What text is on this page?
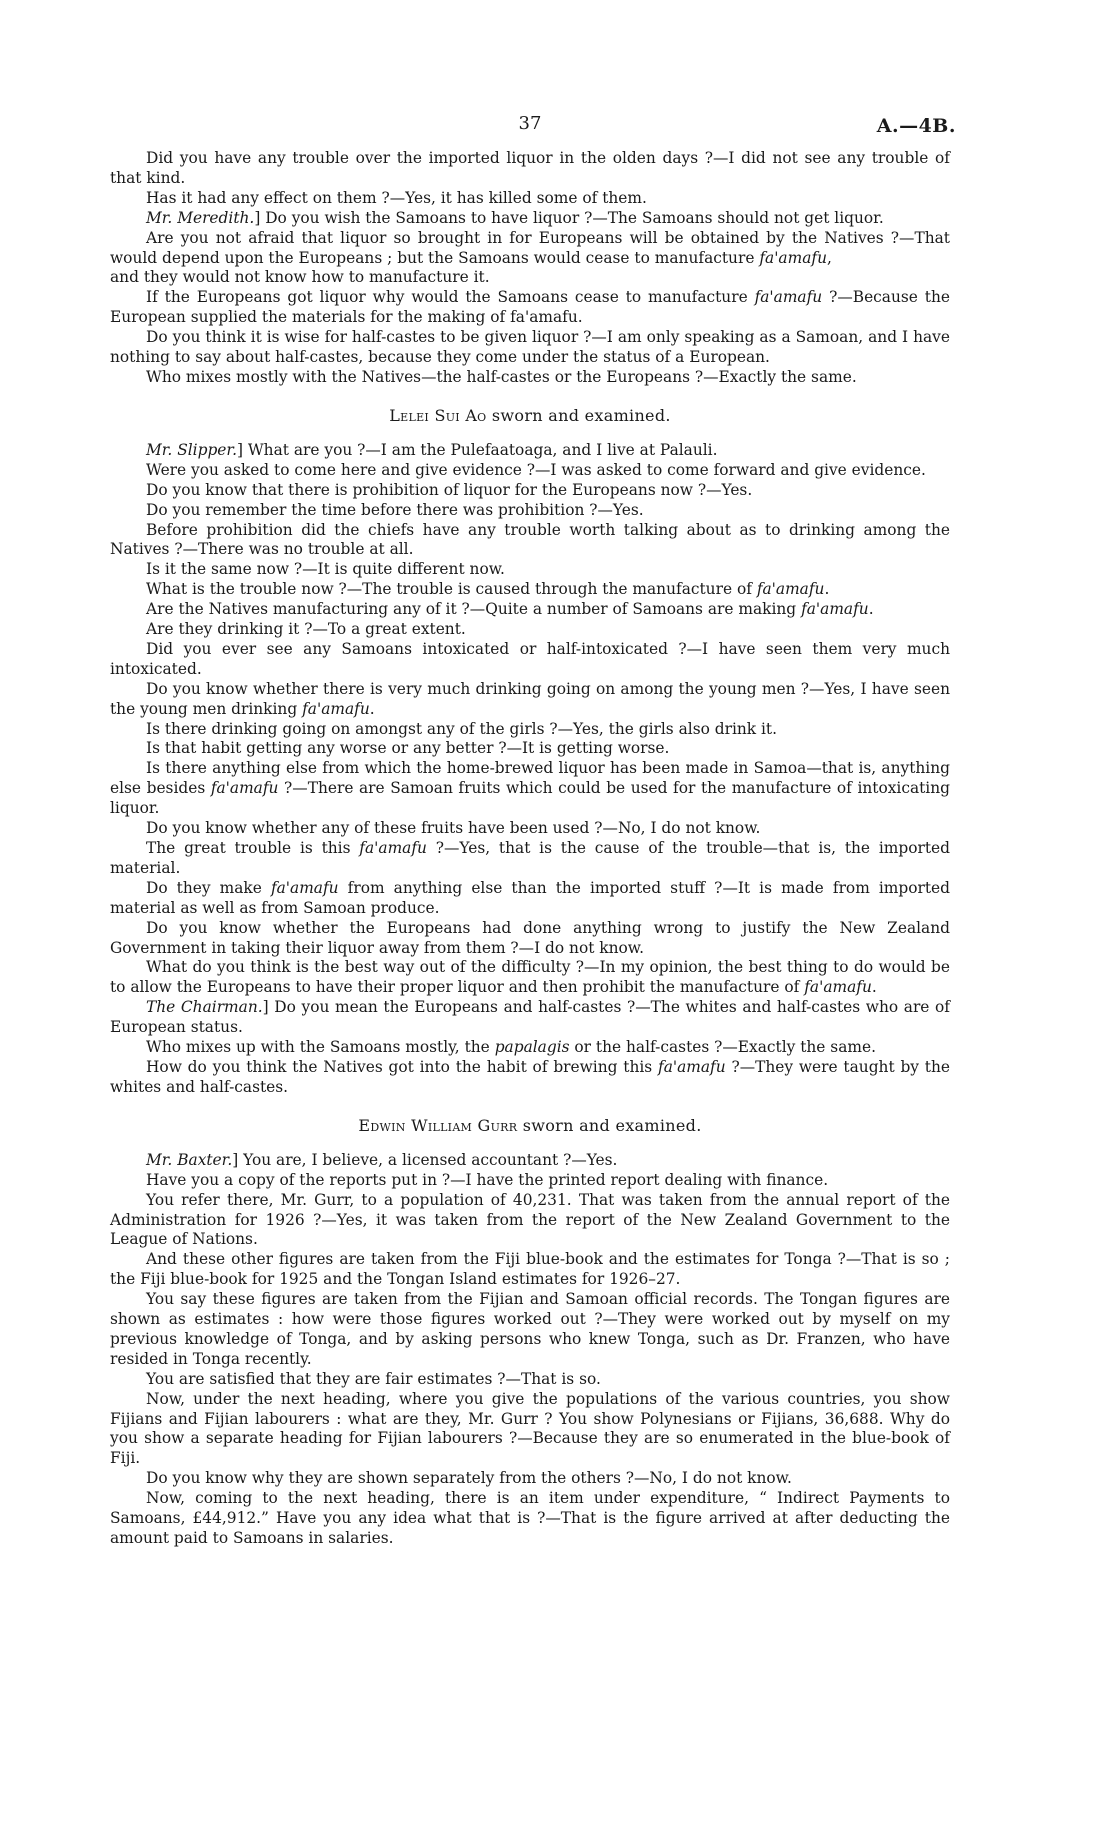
37	A.—4B.

Did you have any trouble over the imported liquor in the olden days ?—I did not see any trouble of that kind.

Has it had any effect on them ?—Yes, it has killed some of them.

Mr. Meredith.] Do you wish the Samoans to have liquor ?—The Samoans should not get liquor.

Are you not afraid that liquor so brought in for Europeans will be obtained by the Natives ?—That would depend upon the Europeans ; but the Samoans would cease to manufacture fa'amafu,

and they would not know how to manufacture it.

If the Europeans got liquor why would the Samoans cease to manufacture fa'amafu ?—Because the European supplied the materials for the making of fa'amafu.

Do you think it is wise for half-castes to be given liquor ?—I am only speaking as a Samoan, and I have nothing to say about half-castes, because they come under the status of a European.

Who mixes mostly with the Natives—the half-castes or the Europeans ?—Exactly the same.

Lelei Sui Ao sworn and examined.

Mr. Slipper.] What are you ?—I am the Pulefaatoaga, and I live at Palauli.

Were you asked to come here and give evidence ?—I was asked to come forward and give evidence.

Do you know that there is prohibition of liquor for the Europeans now ?—Yes.

Do you remember the time before there was prohibition ?—Yes.

Before prohibition did the chiefs have any trouble worth talking about as to drinking among the Natives ?—There was no trouble at all.

Is it the same now ?—It is quite different now.

What is the trouble now ?—The trouble is caused through the manufacture of fa'amafu.

Are the Natives manufacturing any of it ?—Quite a number of Samoans are making fa'amafu.

Are they drinking it ?—To a great extent.

Did you ever see any Samoans intoxicated or half-intoxicated ?—I have seen them very much intoxicated.

Do you know whether there is very much drinking going on among the young men ?—Yes, I have seen the young men drinking fa'amafu.

Is there drinking going on amongst any of the girls ?—Yes, the girls also drink it.

Is that habit getting any worse or any better ?—It is getting worse.

Is there anything else from which the home-brewed liquor has been made in Samoa—that is, anything else besides fa'amafu ?—There are Samoan fruits which could be used for the manufacture of intoxicating liquor.

Do you know whether any of these fruits have been used ?—No, I do not know.

The great trouble is this fa'amafu ?—Yes, that is the cause of the trouble—that is, the imported material.

Do they make fa'amafu from anything else than the imported stuff ?—It is made from imported material as well as from Samoan produce.

Do you know whether the Europeans had done anything wrong to justify the New Zealand Government in taking their liquor away from them ?—I do not know.

What do you think is the best way out of the difficulty ?—In my opinion, the best thing to do would be to allow the Europeans to have their proper liquor and then prohibit the manufacture of fa'amafu.

The Chairman.] Do you mean the Europeans and half-castes ?—The whites and half-castes who are of European status.

Who mixes up with the Samoans mostly, the papalagis or the half-castes ?—Exactly the same.

How do you think the Natives got into the habit of brewing this fa'amafu ?—They were taught by the whites and half-castes.

Edwin William Gurr sworn and examined.

Mr. Baxter.] You are, I believe, a licensed accountant ?—Yes.

Have you a copy of the reports put in ?—I have the printed report dealing with finance.

You refer there, Mr. Gurr, to a population of 40,231. That was taken from the annual report of the Administration for 1926 ?—Yes, it was taken from the report of the New Zealand Government to the League of Nations.

And these other figures are taken from the Fiji blue-book and the estimates for Tonga ?—That is so ; the Fiji blue-book for 1925 and the Tongan Island estimates for 1926–27.

You say these figures are taken from the Fijian and Samoan official records. The Tongan figures are shown as estimates : how were those figures worked out ?—They were worked out by myself on my previous knowledge of Tonga, and by asking persons who knew Tonga, such as Dr. Franzen, who have resided in Tonga recently.

You are satisfied that they are fair estimates ?—That is so.

Now, under the next heading, where you give the populations of the various countries, you show Fijians and Fijian labourers : what are they, Mr. Gurr ? You show Polynesians or Fijians, 36,688. Why do you show a separate heading for Fijian labourers ?—Because they are so enumerated in the blue-book of Fiji.

Do you know why they are shown separately from the others ?—No, I do not know.

Now, coming to the next heading, there is an item under expenditure, “ Indirect Payments to Samoans, £44,912.” Have you any idea what that is ?—That is the figure arrived at after deducting the amount paid to Samoans in salaries.
